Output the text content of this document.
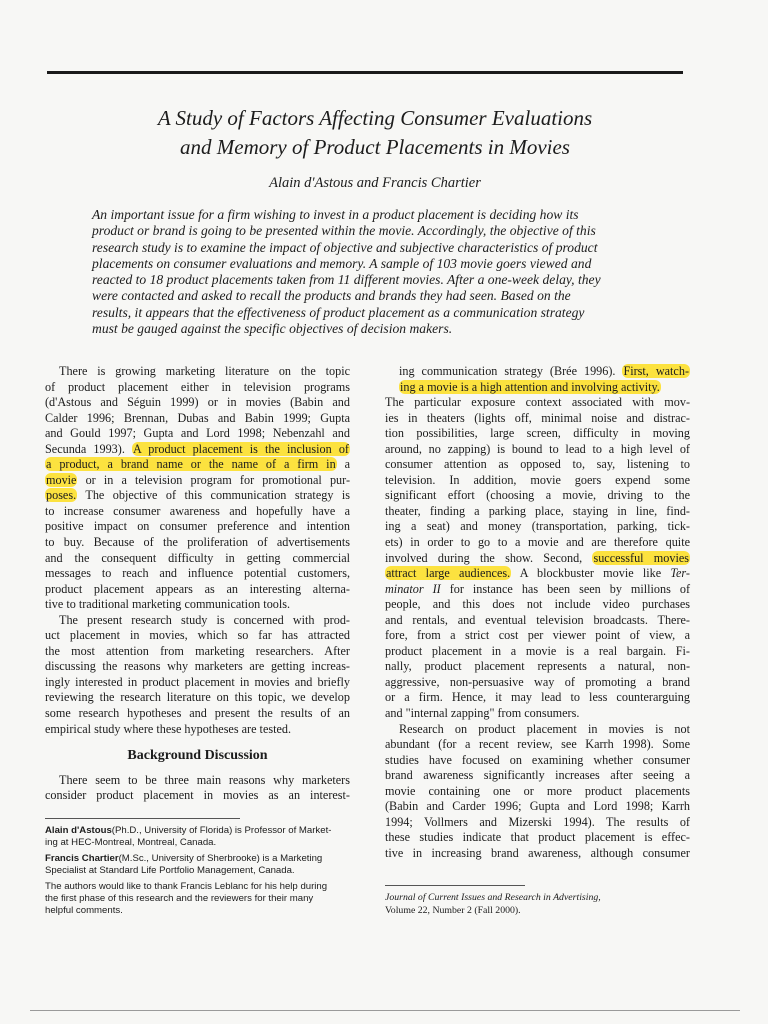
A Study of Factors Affecting Consumer Evaluations
and Memory of Product Placements in Movies
Alain d'Astous and Francis Chartier
An important issue for a firm wishing to invest in a product placement is deciding how its
product or brand is going to be presented within the movie. Accordingly, the objective of this
research study is to examine the impact of objective and subjective characteristics of product
placements on consumer evaluations and memory. A sample of 103 movie goers viewed and
reacted to 18 product placements taken from 11 different movies. After a one-week delay, they
were contacted and asked to recall the products and brands they had seen. Based on the
results, it appears that the effectiveness of product placement as a communication strategy
must be gauged against the specific objectives of decision makers.
There is growing marketing literature on the topic
of product placement either in television programs
(d'Astous and Séguin 1999) or in movies (Babin and
Calder 1996; Brennan, Dubas and Babin 1999; Gupta
and Gould 1997; Gupta and Lord 1998; Nebenzahl and
Secunda 1993). A product placement is the inclusion of
a product, a brand name or the name of a firm in a
movie or in a television program for promotional pur-
poses. The objective of this communication strategy is
to increase consumer awareness and hopefully have a
positive impact on consumer preference and intention
to buy. Because of the proliferation of advertisements
and the consequent difficulty in getting commercial
messages to reach and influence potential customers,
product placement appears as an interesting alterna-
tive to traditional marketing communication tools.
The present research study is concerned with prod-
uct placement in movies, which so far has attracted
the most attention from marketing researchers. After
discussing the reasons why marketers are getting increas-
ingly interested in product placement in movies and briefly
reviewing the research literature on this topic, we develop
some research hypotheses and present the results of an
empirical study where these hypotheses are tested.
Background Discussion
There seem to be three main reasons why marketers
consider product placement in movies as an interest-
ing communication strategy (Brée 1996). First, watch-
ing a movie is a high attention and involving activity.
The particular exposure context associated with mov-
ies in theaters (lights off, minimal noise and distrac-
tion possibilities, large screen, difficulty in moving
around, no zapping) is bound to lead to a high level of
consumer attention as opposed to, say, listening to
television. In addition, movie goers expend some
significant effort (choosing a movie, driving to the
theater, finding a parking place, staying in line, find-
ing a seat) and money (transportation, parking, tick-
ets) in order to go to a movie and are therefore quite
involved during the show. Second, successful movies
attract large audiences. A blockbuster movie like Ter-
minator II for instance has been seen by millions of
people, and this does not include video purchases
and rentals, and eventual television broadcasts. There-
fore, from a strict cost per viewer point of view, a
product placement in a movie is a real bargain. Fi-
nally, product placement represents a natural, non-
aggressive, non-persuasive way of promoting a brand
or a firm. Hence, it may lead to less counterarguing
and "internal zapping" from consumers.
Research on product placement in movies is not
abundant (for a recent review, see Karrh 1998). Some
studies have focused on examining whether consumer
brand awareness significantly increases after seeing a
movie containing one or more product placements
(Babin and Carder 1996; Gupta and Lord 1998; Karrh
1994; Vollmers and Mizerski 1994). The results of
these studies indicate that product placement is effec-
tive in increasing brand awareness, although consumer

Alain d'Astous(Ph.D., University of Florida) is Professor of Market-
ing at HEC-Montreal, Montreal, Canada.

Francis Chartier(M.Sc., University of Sherbrooke) is a Marketing
Specialist at Standard Life Portfolio Management, Canada.

The authors would like to thank Francis Leblanc for his help during
the first phase of this research and the reviewers for their many
helpful comments.

Journal of Current Issues and Research in Advertising,
Volume 22, Number 2 (Fall 2000).
